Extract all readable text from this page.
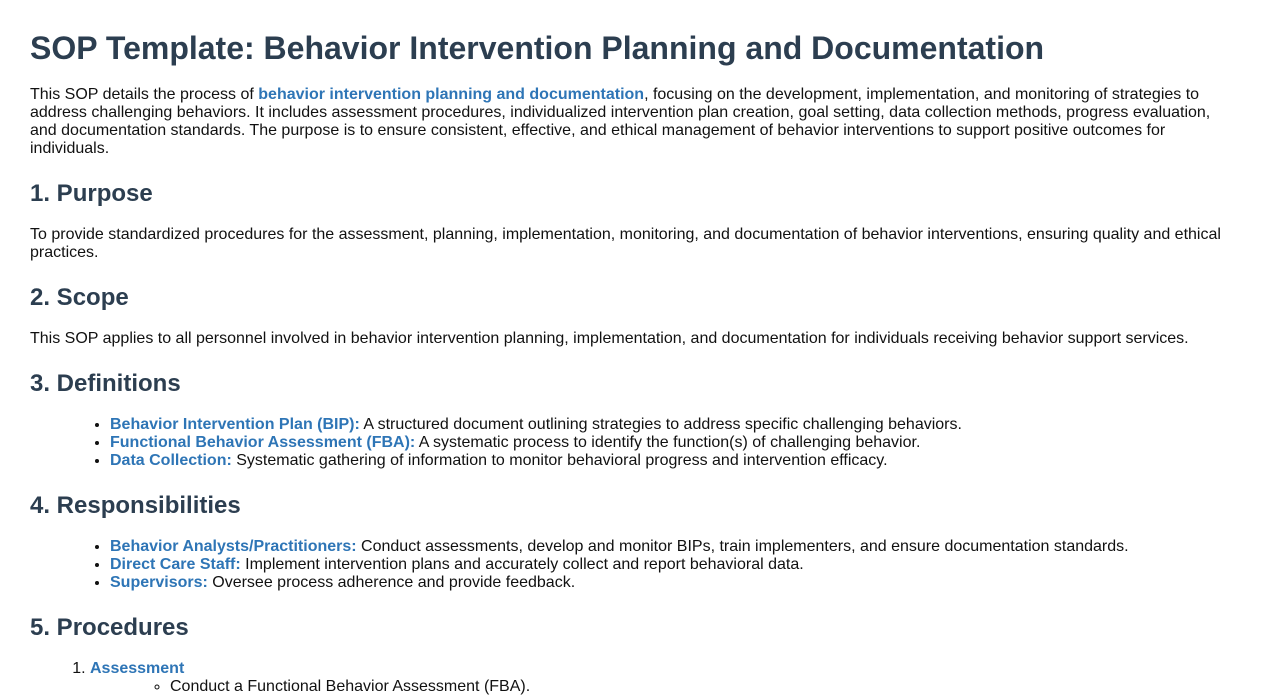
SOP Template: Behavior Intervention Planning and Documentation

This SOP details the process of behavior intervention planning and documentation, focusing on the development, implementation, and monitoring of strategies to address challenging behaviors. It includes assessment procedures, individualized intervention plan creation, goal setting, data collection methods, progress evaluation, and documentation standards. The purpose is to ensure consistent, effective, and ethical management of behavior interventions to support positive outcomes for individuals.

1. Purpose

To provide standardized procedures for the assessment, planning, implementation, monitoring, and documentation of behavior interventions, ensuring quality and ethical practices.

2. Scope

This SOP applies to all personnel involved in behavior intervention planning, implementation, and documentation for individuals receiving behavior support services.

3. Definitions
• Behavior Intervention Plan (BIP): A structured document outlining strategies to address specific challenging behaviors.
• Functional Behavior Assessment (FBA): A systematic process to identify the function(s) of challenging behavior.
• Data Collection: Systematic gathering of information to monitor behavioral progress and intervention efficacy.
4. Responsibilities
• Behavior Analysts/Practitioners: Conduct assessments, develop and monitor BIPs, train implementers, and ensure documentation standards.
• Direct Care Staff: Implement intervention plans and accurately collect and report behavioral data.
• Supervisors: Oversee process adherence and provide feedback.
5. Procedures
1. Assessment
◦ Conduct a Functional Behavior Assessment (FBA).
